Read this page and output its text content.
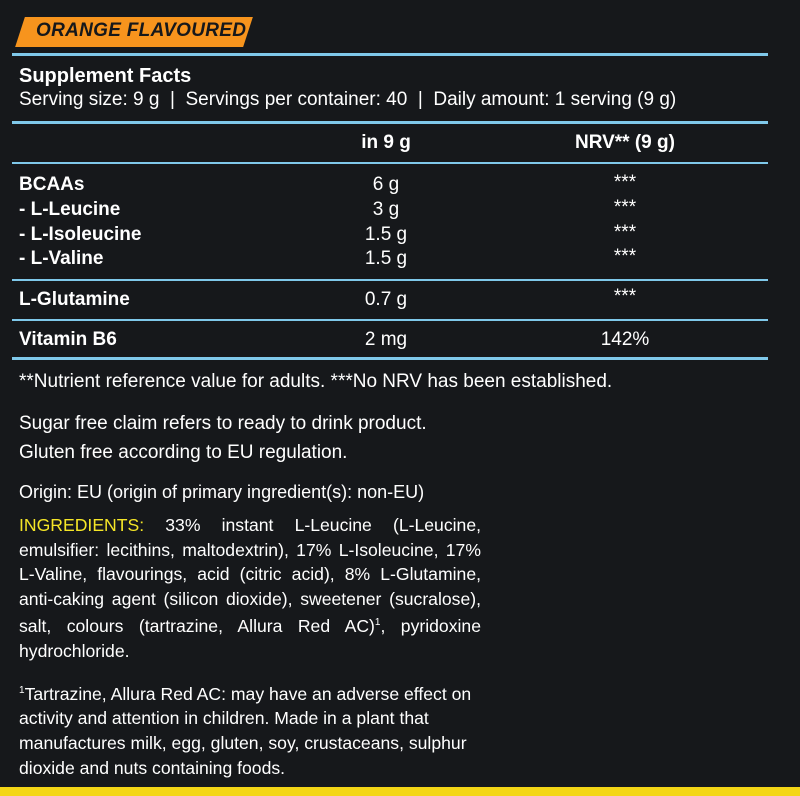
ORANGE FLAVOURED
Supplement Facts
Serving size: 9 g  |  Servings per container: 40  |  Daily amount: 1 serving (9 g)
in 9 g	NRV** (9 g)
BCAAs	6 g	***
- L-Leucine	3 g	***
- L-Isoleucine	1.5 g	***
- L-Valine	1.5 g	***
L-Glutamine	0.7 g	***
Vitamin B6	2 mg	142%
**Nutrient reference value for adults. ***No NRV has been established.
Sugar free claim refers to ready to drink product.
Gluten free according to EU regulation.
Origin: EU (origin of primary ingredient(s): non-EU)
INGREDIENTS: 33% instant L-Leucine (L-Leucine, emulsifier: lecithins, maltodextrin), 17% L-Isoleucine, 17% L-Valine, flavourings, acid (citric acid), 8% L-Glutamine, anti-caking agent (silicon dioxide), sweetener (sucralose), salt, colours (tartrazine, Allura Red AC)$^1$, pyridoxine hydrochloride.
$^1$Tartrazine, Allura Red AC: may have an adverse effect on activity and attention in children. Made in a plant that manufactures milk, egg, gluten, soy, crustaceans, sulphur dioxide and nuts containing foods.
